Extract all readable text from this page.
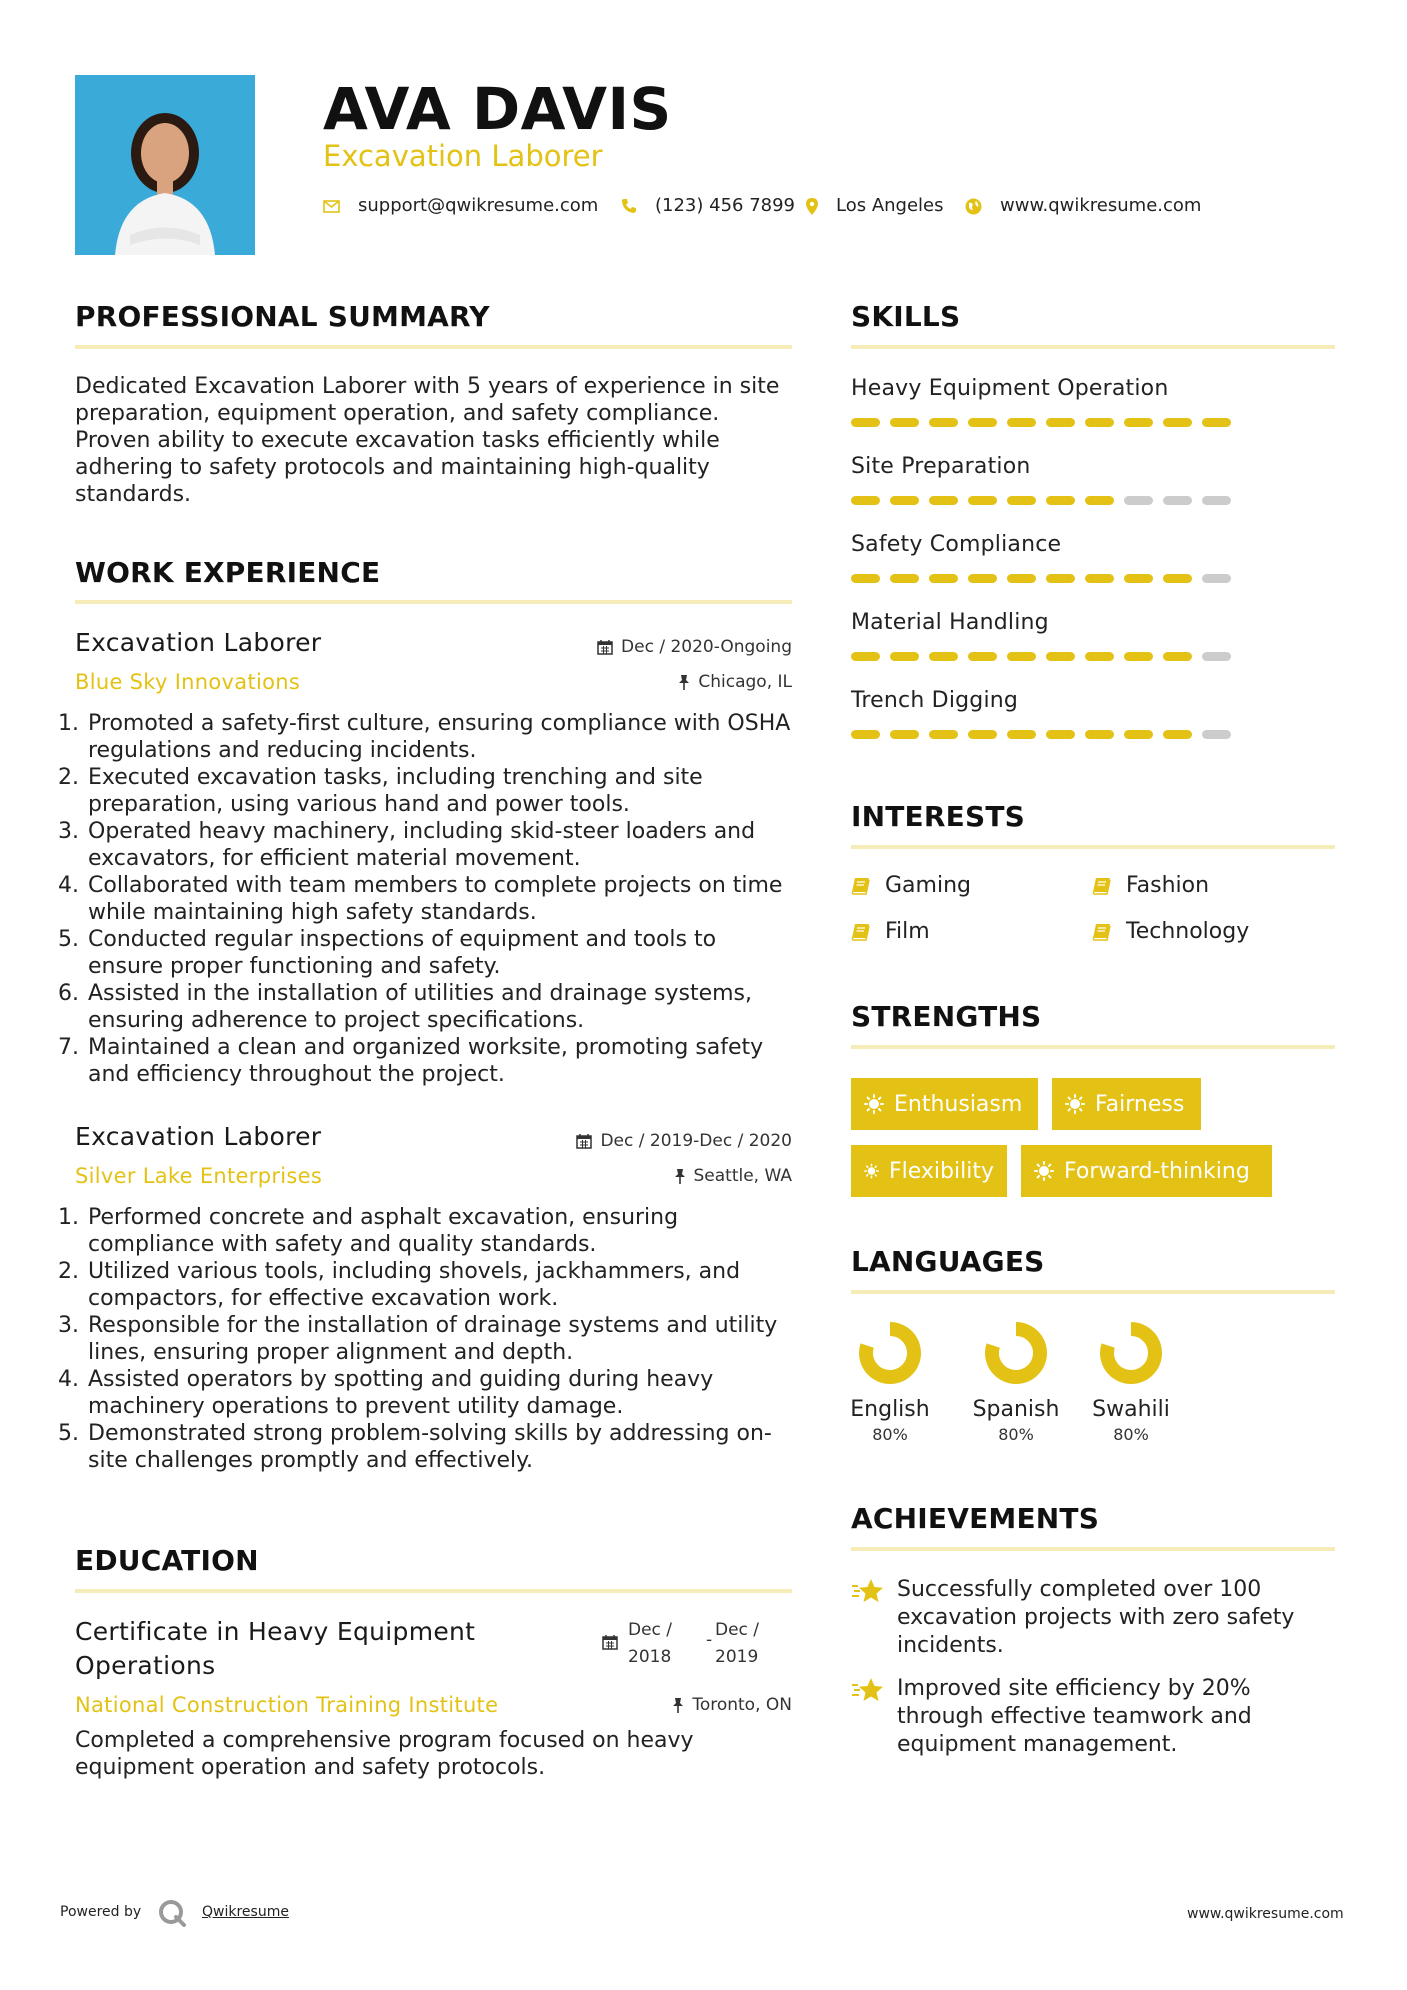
AVA DAVIS
Excavation Laborer
support@qwikresume.com	(123) 456 7899 Los Angeles	www.qwikresume.com
PROFESSIONAL SUMMARY
Dedicated Excavation Laborer with 5 years of experience in site preparation, equipment operation, and safety compliance. Proven ability to execute excavation tasks efficiently while adhering to safety protocols and maintaining high-quality standards.
WORK EXPERIENCE
Excavation Laborer	Dec / 2020-Ongoing
Blue Sky Innovations	Chicago, IL
1. Promoted a safety-first culture, ensuring compliance with OSHA regulations and reducing incidents.
2. Executed excavation tasks, including trenching and site preparation, using various hand and power tools.
3. Operated heavy machinery, including skid-steer loaders and excavators, for efficient material movement.
4. Collaborated with team members to complete projects on time while maintaining high safety standards.
5. Conducted regular inspections of equipment and tools to ensure proper functioning and safety.
6. Assisted in the installation of utilities and drainage systems, ensuring adherence to project specifications.
7. Maintained a clean and organized worksite, promoting safety and efficiency throughout the project.
Excavation Laborer	Dec / 2019-Dec / 2020
Silver Lake Enterprises	Seattle, WA
1. Performed concrete and asphalt excavation, ensuring compliance with safety and quality standards.
2. Utilized various tools, including shovels, jackhammers, and compactors, for effective excavation work.
3. Responsible for the installation of drainage systems and utility lines, ensuring proper alignment and depth.
4. Assisted operators by spotting and guiding during heavy machinery operations to prevent utility damage.
5. Demonstrated strong problem-solving skills by addressing on-site challenges promptly and effectively.
EDUCATION
Certificate in Heavy Equipment Operations
Dec /
2018
- Dec /
2019
National Construction Training Institute	Toronto, ON
Completed a comprehensive program focused on heavy equipment operation and safety protocols.
SKILLS
Heavy Equipment Operation
Site Preparation
Safety Compliance
Material Handling
Trench Digging
INTERESTS
Gaming	Fashion
Film	Technology
STRENGTHS
Enthusiasm	Fairness
Flexibility	Forward-thinking
LANGUAGES
English
80%
Spanish
80%
Swahili
80%
ACHIEVEMENTS
Successfully completed over 100 excavation projects with zero safety incidents.
Improved site efficiency by 20% through effective teamwork and equipment management.
Powered by	Qwikresume	www.qwikresume.com
